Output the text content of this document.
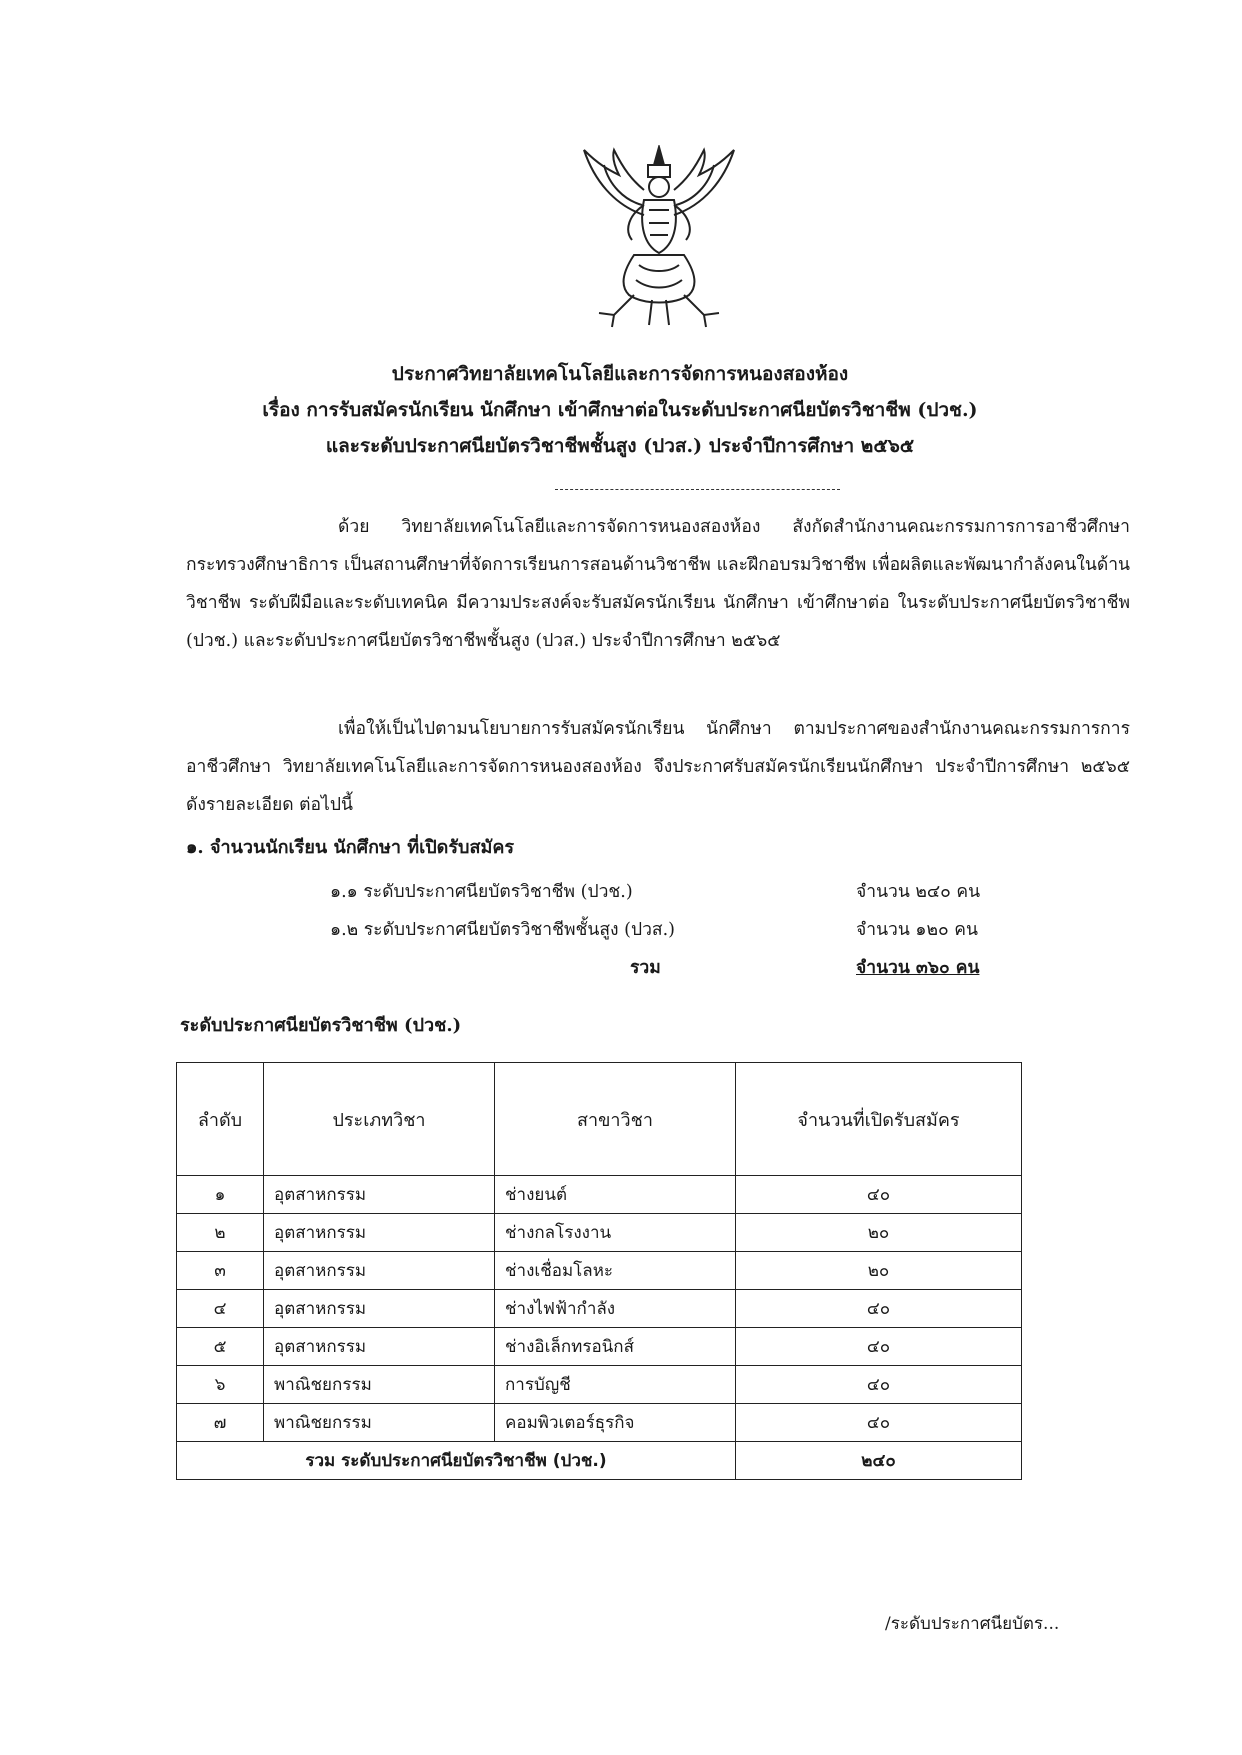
ประกาศวิทยาลัยเทคโนโลยีและการจัดการหนองสองห้อง
เรื่อง การรับสมัครนักเรียน นักศึกษา เข้าศึกษาต่อในระดับประกาศนียบัตรวิชาชีพ (ปวช.)
และระดับประกาศนียบัตรวิชาชีพชั้นสูง (ปวส.) ประจำปีการศึกษา ๒๕๖๕
ด้วย วิทยาลัยเทคโนโลยีและการจัดการหนองสองห้อง สังกัดสำนักงานคณะกรรมการการอาชีวศึกษา กระทรวงศึกษาธิการ เป็นสถานศึกษาที่จัดการเรียนการสอนด้านวิชาชีพ และฝึกอบรมวิชาชีพ เพื่อผลิตและพัฒนากำลังคนในด้านวิชาชีพ ระดับฝีมือและระดับเทคนิค มีความประสงค์จะรับสมัครนักเรียน นักศึกษา เข้าศึกษาต่อ ในระดับประกาศนียบัตรวิชาชีพ (ปวช.) และระดับประกาศนียบัตรวิชาชีพชั้นสูง (ปวส.) ประจำปีการศึกษา ๒๕๖๕
เพื่อให้เป็นไปตามนโยบายการรับสมัครนักเรียน นักศึกษา ตามประกาศของสำนักงานคณะกรรมการการอาชีวศึกษา วิทยาลัยเทคโนโลยีและการจัดการหนองสองห้อง จึงประกาศรับสมัครนักเรียนนักศึกษา ประจำปีการศึกษา ๒๕๖๕ ดังรายละเอียด ต่อไปนี้
๑. จำนวนนักเรียน นักศึกษา ที่เปิดรับสมัคร
๑.๑ ระดับประกาศนียบัตรวิชาชีพ (ปวช.)	จำนวน ๒๔๐ คน
๑.๒ ระดับประกาศนียบัตรวิชาชีพชั้นสูง (ปวส.)	จำนวน ๑๒๐ คน
รวม	จำนวน ๓๖๐ คน
ระดับประกาศนียบัตรวิชาชีพ (ปวช.)
ลำดับ	ประเภทวิชา	สาขาวิชา	จำนวนที่เปิดรับสมัคร
๑	อุตสาหกรรม	ช่างยนต์	๔๐
๒	อุตสาหกรรม	ช่างกลโรงงาน	๒๐
๓	อุตสาหกรรม	ช่างเชื่อมโลหะ	๒๐
๔	อุตสาหกรรม	ช่างไฟฟ้ากำลัง	๔๐
๕	อุตสาหกรรม	ช่างอิเล็กทรอนิกส์	๔๐
๖	พาณิชยกรรม	การบัญชี	๔๐
๗	พาณิชยกรรม	คอมพิวเตอร์ธุรกิจ	๔๐
รวม ระดับประกาศนียบัตรวิชาชีพ (ปวช.)			๒๔๐
/ระดับประกาศนียบัตร...
